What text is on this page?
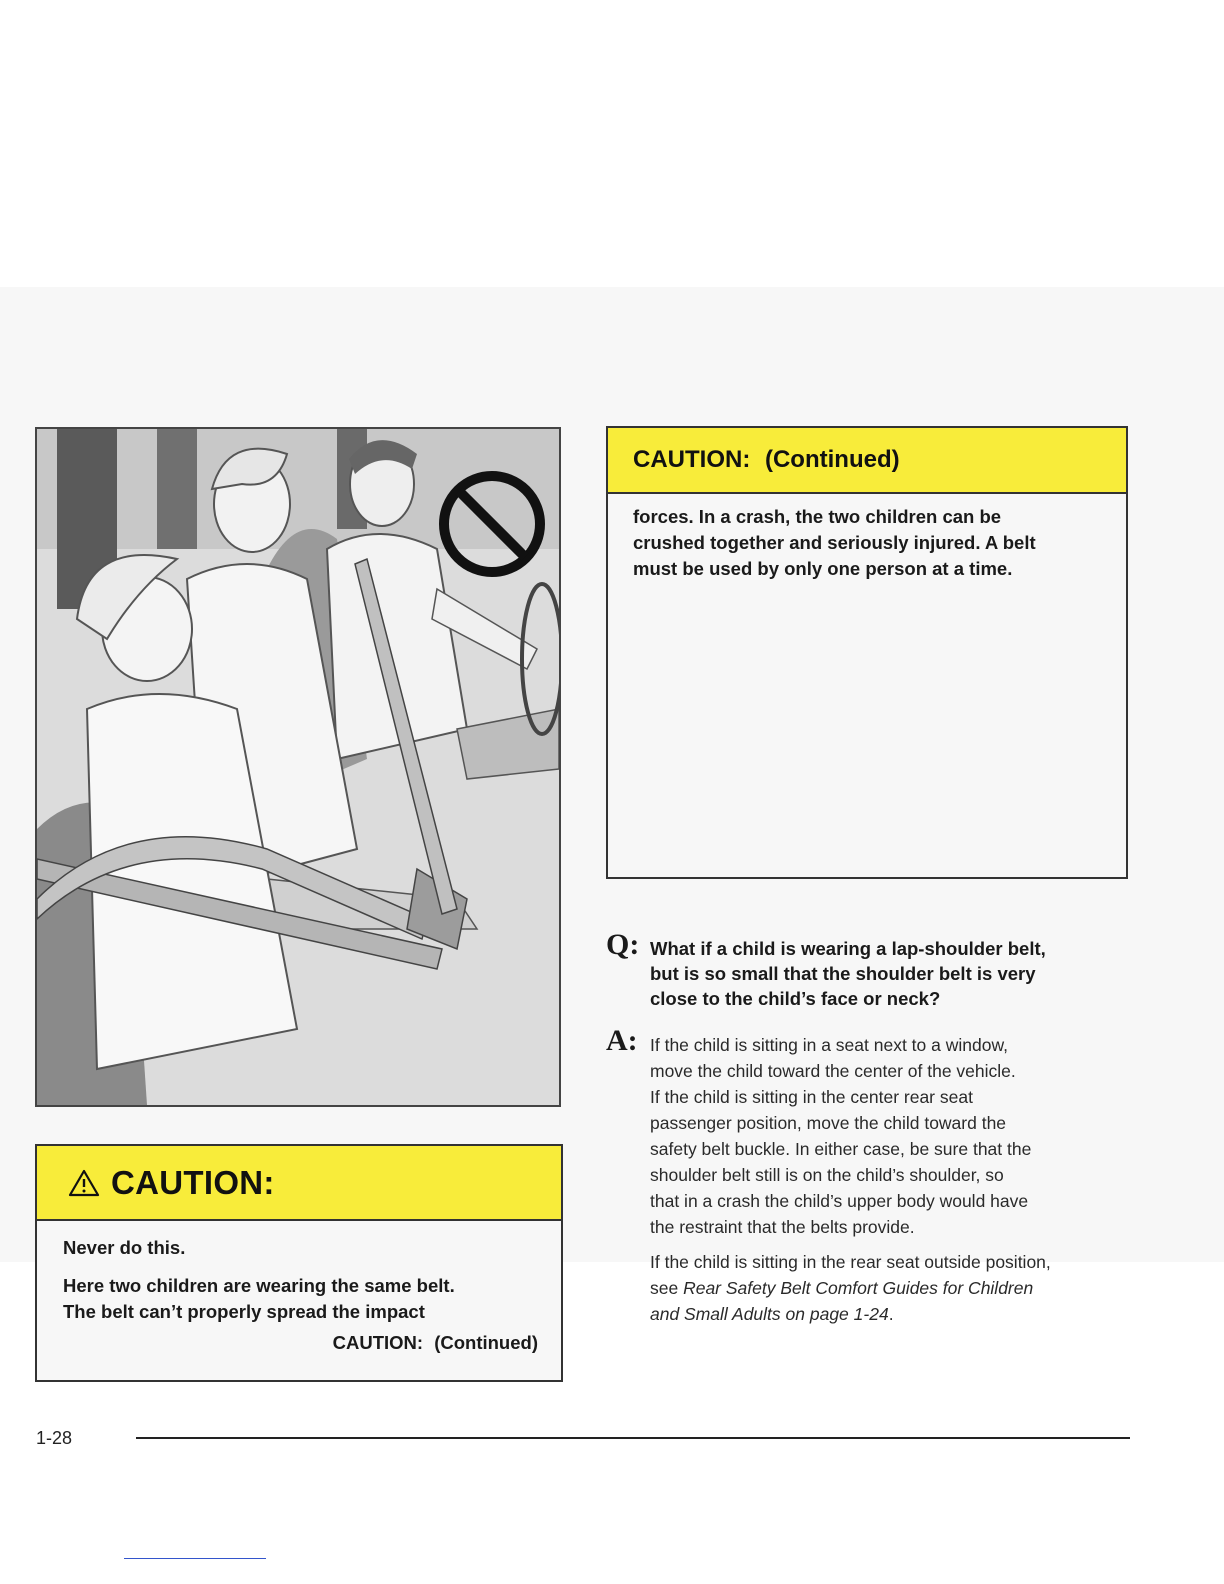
CAUTION:

Never do this.

Here two children are wearing the same belt.
The belt can’t properly spread the impact

CAUTION: (Continued)
CAUTION: (Continued)

forces. In a crash, the two children can be

crushed together and seriously injured. A belt

must be used by only one person at a time.

Q: What if a child is wearing a lap-shoulder belt,
but is so small that the shoulder belt is very
close to the child’s face or neck?
A: If the child is sitting in a seat next to a window,
move the child toward the center of the vehicle.
If the child is sitting in the center rear seat
passenger position, move the child toward the
safety belt buckle. In either case, be sure that the
shoulder belt still is on the child’s shoulder, so
that in a crash the child’s upper body would have
the restraint that the belts provide.

If the child is sitting in the rear seat outside position,
see Rear Safety Belt Comfort Guides for Children
and Small Adults on page 1-24.

1-28
